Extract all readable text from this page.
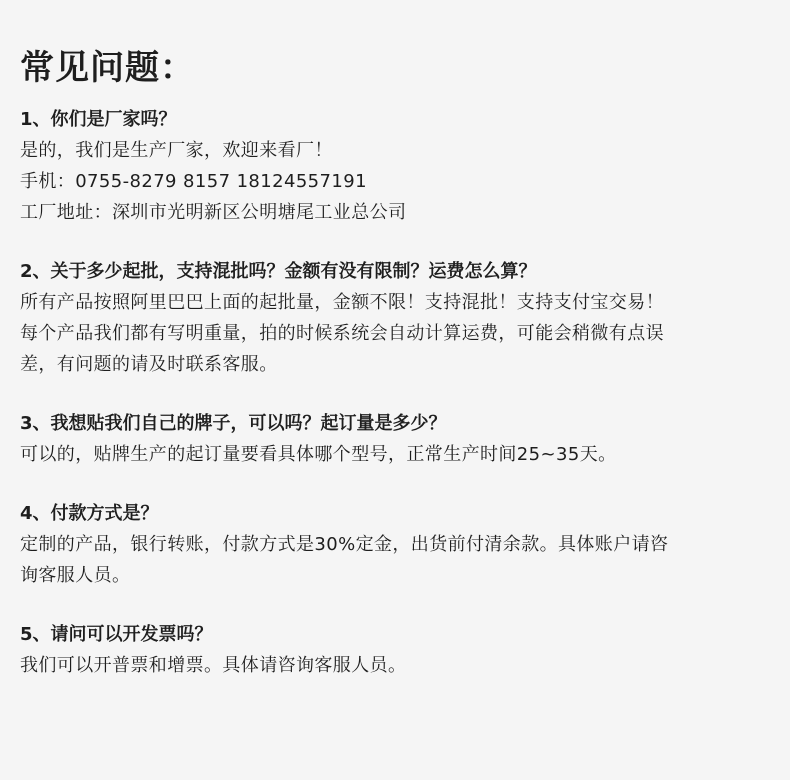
常见问题：
1、你们是厂家吗？
是的，我们是生产厂家，欢迎来看厂！
手机：0755-8279 8157 18124557191
工厂地址：深圳市光明新区公明塘尾工业总公司
2、关于多少起批，支持混批吗？金额有没有限制？运费怎么算？
所有产品按照阿里巴巴上面的起批量，金额不限！支持混批！支持支付宝交易！
每个产品我们都有写明重量，拍的时候系统会自动计算运费，可能会稍微有点误
差，有问题的请及时联系客服。
3、我想贴我们自己的牌子，可以吗？起订量是多少？
可以的，贴牌生产的起订量要看具体哪个型号，正常生产时间25~35天。
4、付款方式是？
定制的产品，银行转账，付款方式是30%定金，出货前付清余款。具体账户请咨
询客服人员。
5、请问可以开发票吗？
我们可以开普票和增票。具体请咨询客服人员。
